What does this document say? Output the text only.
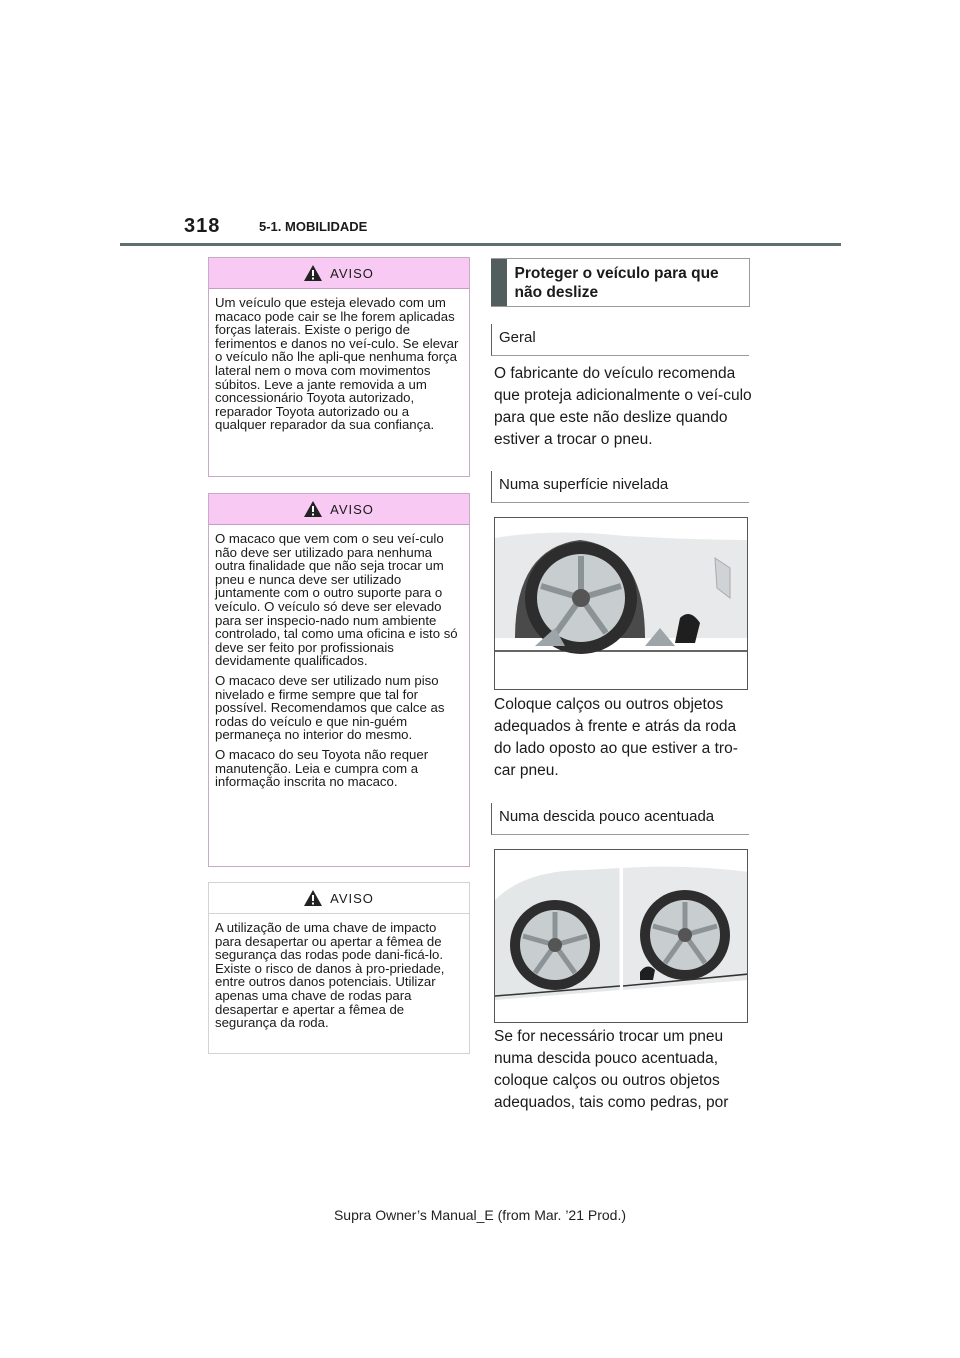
318	5-1. MOBILIDADE
AVISO

Um veículo que esteja elevado com um macaco pode cair se lhe forem aplicadas forças laterais. Existe o perigo de ferimentos e danos no veí-culo. Se elevar o veículo não lhe apli-que nenhuma força lateral nem o mova com movimentos súbitos. Leve a jante removida a um concessionário Toyota autorizado, reparador Toyota autorizado ou a qualquer reparador da sua confiança.

AVISO

O macaco que vem com o seu veí-culo não deve ser utilizado para nenhuma outra finalidade que não seja trocar um pneu e nunca deve ser utilizado juntamente com o outro suporte para o veículo. O veículo só deve ser elevado para ser inspecio-nado num ambiente controlado, tal como uma oficina e isto só deve ser feito por profissionais devidamente qualificados.

O macaco deve ser utilizado num piso nivelado e firme sempre que tal for possível. Recomendamos que calce as rodas do veículo e que nin-guém permaneça no interior do mesmo.

O macaco do seu Toyota não requer manutenção. Leia e cumpra com a informação inscrita no macaco.

AVISO

A utilização de uma chave de impacto para desapertar ou apertar a fêmea de segurança das rodas pode dani-ficá-lo. Existe o risco de danos à pro-priedade, entre outros danos potenciais. Utilizar apenas uma chave de rodas para desapertar e apertar a fêmea de segurança da roda.

Proteger o veículo para que não deslize
Geral
O fabricante do veículo recomenda que proteja adicionalmente o veí-culo para que este não deslize quando estiver a trocar o pneu.
Numa superfície nivelada
Coloque calços ou outros objetos adequados à frente e atrás da roda do lado oposto ao que estiver a tro-car pneu.
Numa descida pouco acentuada
Se for necessário trocar um pneu numa descida pouco acentuada, coloque calços ou outros objetos adequados, tais como pedras, por
Supra Owner’s Manual_E (from Mar. ’21 Prod.)
